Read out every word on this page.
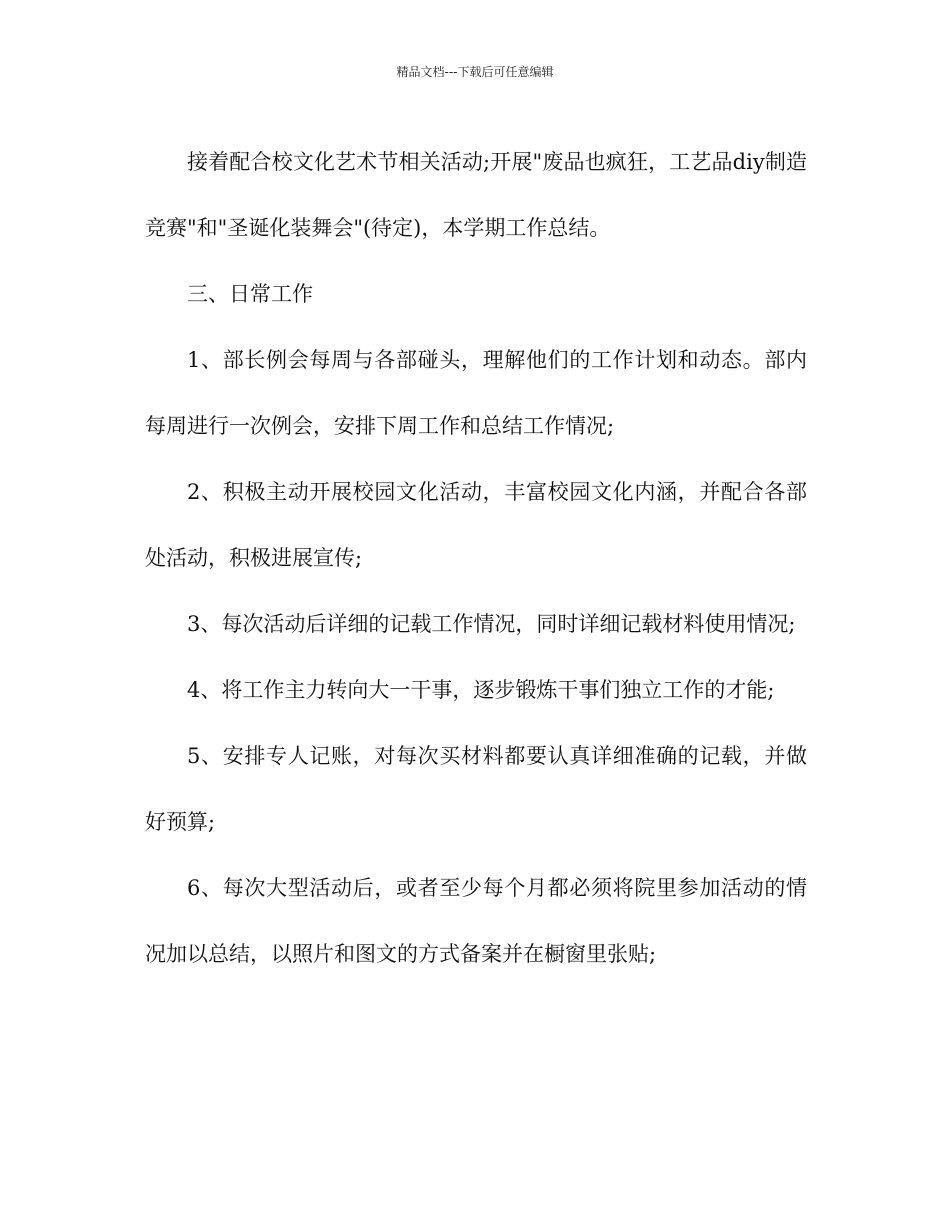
精品文档---下载后可任意编辑

接着配合校文化艺术节相关活动;开展"废品也疯狂，工艺品diy制造竞赛"和"圣诞化装舞会"(待定)，本学期工作总结。

三、日常工作

1、部长例会每周与各部碰头，理解他们的工作计划和动态。部内每周进行一次例会，安排下周工作和总结工作情况;

2、积极主动开展校园文化活动，丰富校园文化内涵，并配合各部处活动，积极进展宣传;

3、每次活动后详细的记载工作情况，同时详细记载材料使用情况;

4、将工作主力转向大一干事，逐步锻炼干事们独立工作的才能;

5、安排专人记账，对每次买材料都要认真详细准确的记载，并做好预算;

6、每次大型活动后，或者至少每个月都必须将院里参加活动的情况加以总结，以照片和图文的方式备案并在橱窗里张贴;
